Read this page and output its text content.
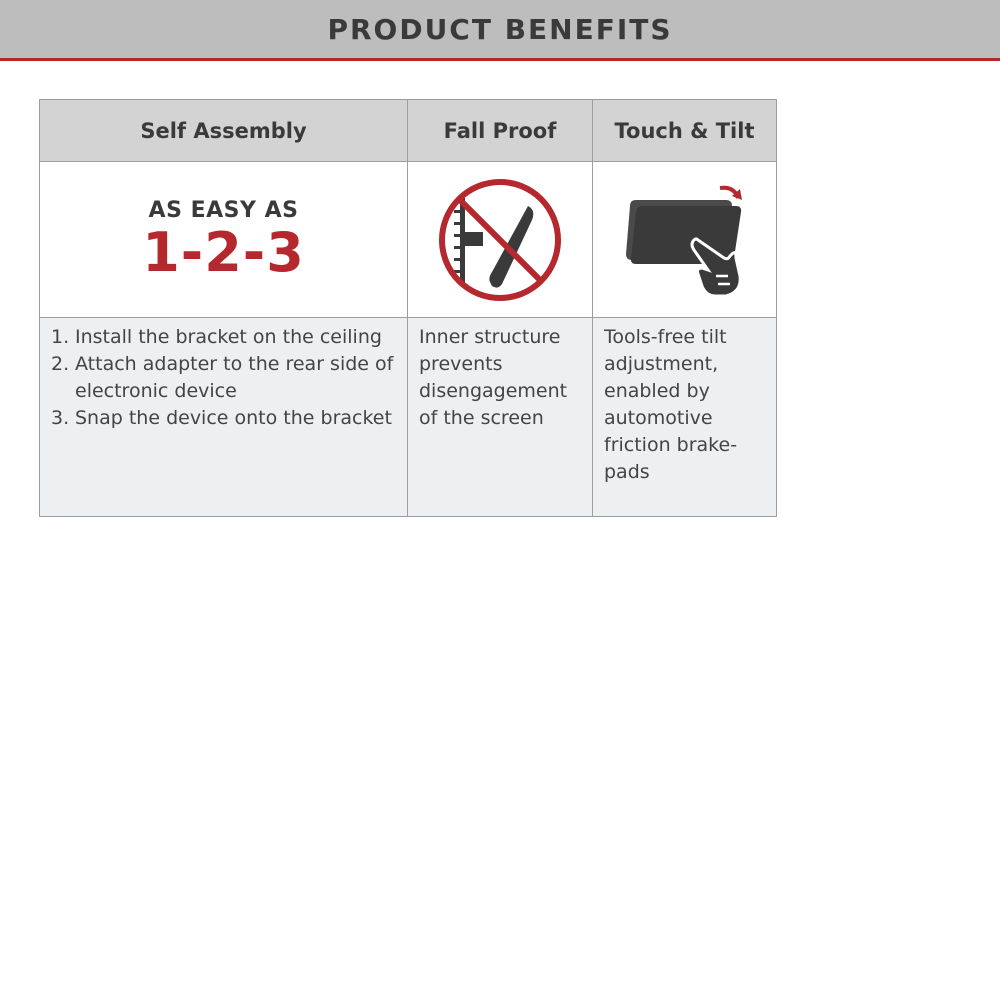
PRODUCT BENEFITS
Self Assembly	Fall Proof	Touch & Tilt
AS EASY AS
1-2-3
1. Install the bracket on the ceiling
2. Attach adapter to the rear side of electronic device
3. Snap the device onto the bracket
Inner structure prevents disengagement of the screen
Tools-free tilt adjustment, enabled by automotive friction brake-pads
